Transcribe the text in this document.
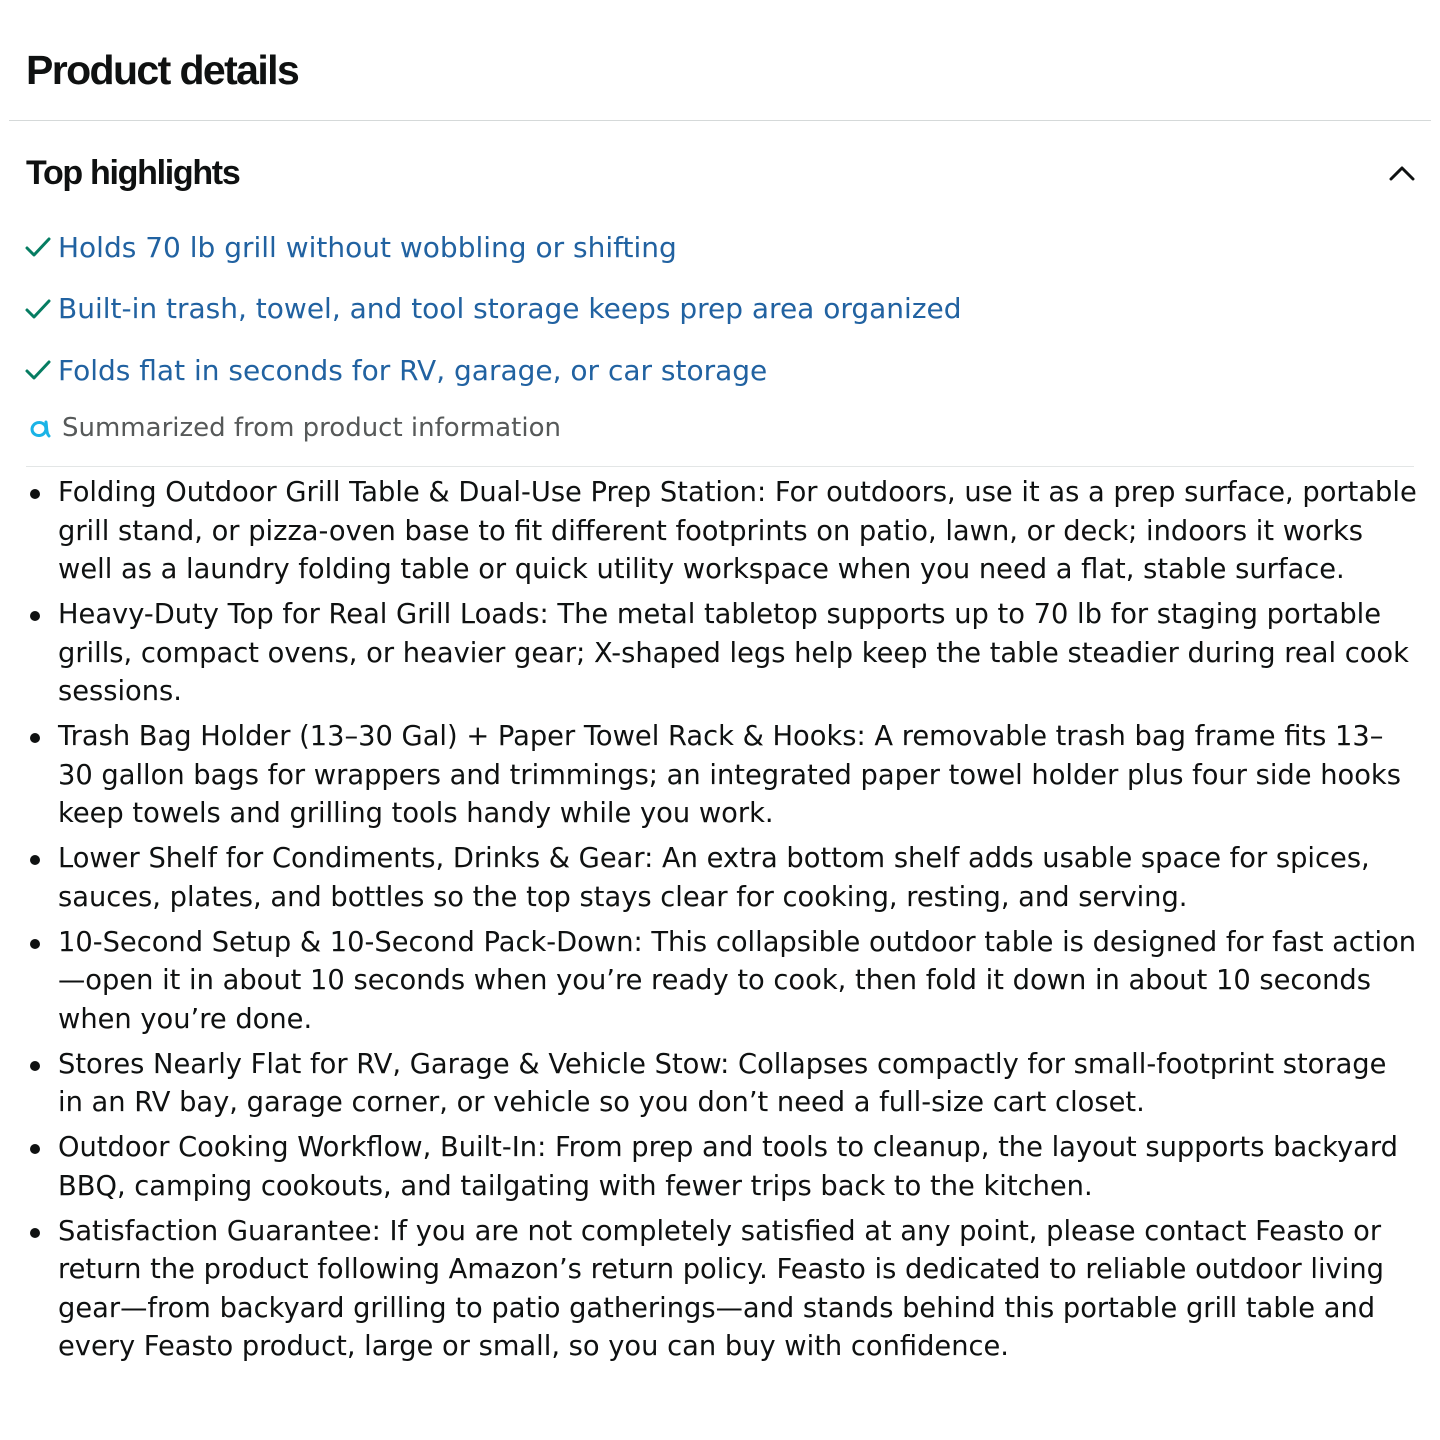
Product details
Top highlights
Holds 70 lb grill without wobbling or shifting
Built-in trash, towel, and tool storage keeps prep area organized
Folds flat in seconds for RV, garage, or car storage
Summarized from product information
Folding Outdoor Grill Table & Dual-Use Prep Station: For outdoors, use it as a prep surface, portable grill stand, or pizza-oven base to fit different footprints on patio, lawn, or deck; indoors it works well as a laundry folding table or quick utility workspace when you need a flat, stable surface.
Heavy-Duty Top for Real Grill Loads: The metal tabletop supports up to 70 lb for staging portable grills, compact ovens, or heavier gear; X-shaped legs help keep the table steadier during real cook sessions.
Trash Bag Holder (13–30 Gal) + Paper Towel Rack & Hooks: A removable trash bag frame fits 13–30 gallon bags for wrappers and trimmings; an integrated paper towel holder plus four side hooks keep towels and grilling tools handy while you work.
Lower Shelf for Condiments, Drinks & Gear: An extra bottom shelf adds usable space for spices, sauces, plates, and bottles so the top stays clear for cooking, resting, and serving.
10-Second Setup & 10-Second Pack-Down: This collapsible outdoor table is designed for fast action—open it in about 10 seconds when you’re ready to cook, then fold it down in about 10 seconds when you’re done.
Stores Nearly Flat for RV, Garage & Vehicle Stow: Collapses compactly for small-footprint storage in an RV bay, garage corner, or vehicle so you don’t need a full-size cart closet.
Outdoor Cooking Workflow, Built-In: From prep and tools to cleanup, the layout supports backyard BBQ, camping cookouts, and tailgating with fewer trips back to the kitchen.
Satisfaction Guarantee: If you are not completely satisfied at any point, please contact Feasto or return the product following Amazon’s return policy. Feasto is dedicated to reliable outdoor living gear—from backyard grilling to patio gatherings—and stands behind this portable grill table and every Feasto product, large or small, so you can buy with confidence.
